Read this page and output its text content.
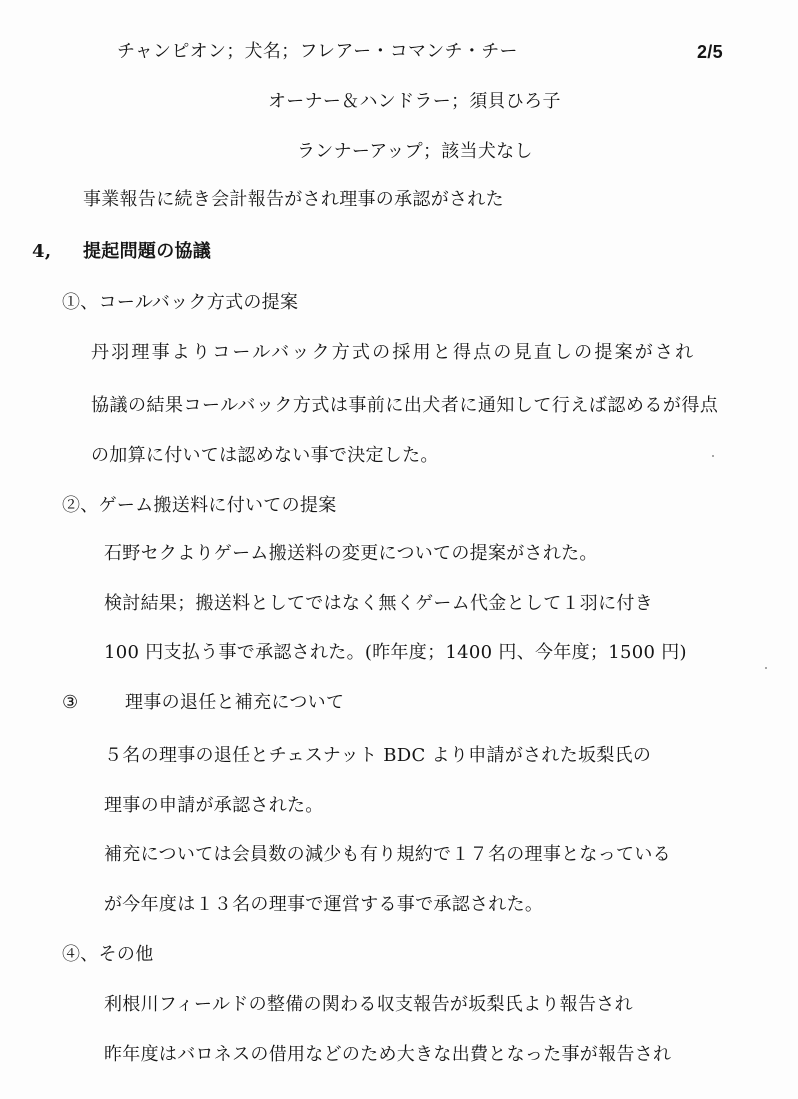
チャンピオン；犬名；フレアー・コマンチ・チー	2/5
オーナー＆ハンドラー；須貝ひろ子
ランナーアップ；該当犬なし
事業報告に続き会計報告がされ理事の承認がされた
4, 提起問題の協議
①、コールバック方式の提案
丹羽理事よりコールバック方式の採用と得点の見直しの提案がされ
協議の結果コールバック方式は事前に出犬者に通知して行えば認めるが得点
の加算に付いては認めない事で決定した。
②、ゲーム搬送料に付いての提案
石野セクよりゲーム搬送料の変更についての提案がされた。
検討結果；搬送料としてではなく無くゲーム代金として１羽に付き
100 円支払う事で承認された。(昨年度；1400 円、今年度；1500 円)
③	理事の退任と補充について
５名の理事の退任とチェスナット BDC より申請がされた坂梨氏の
理事の申請が承認された。
補充については会員数の減少も有り規約で１７名の理事となっている
が今年度は１３名の理事で運営する事で承認された。
④、その他
利根川フィールドの整備の関わる収支報告が坂梨氏より報告され
昨年度はバロネスの借用などのため大きな出費となった事が報告され
